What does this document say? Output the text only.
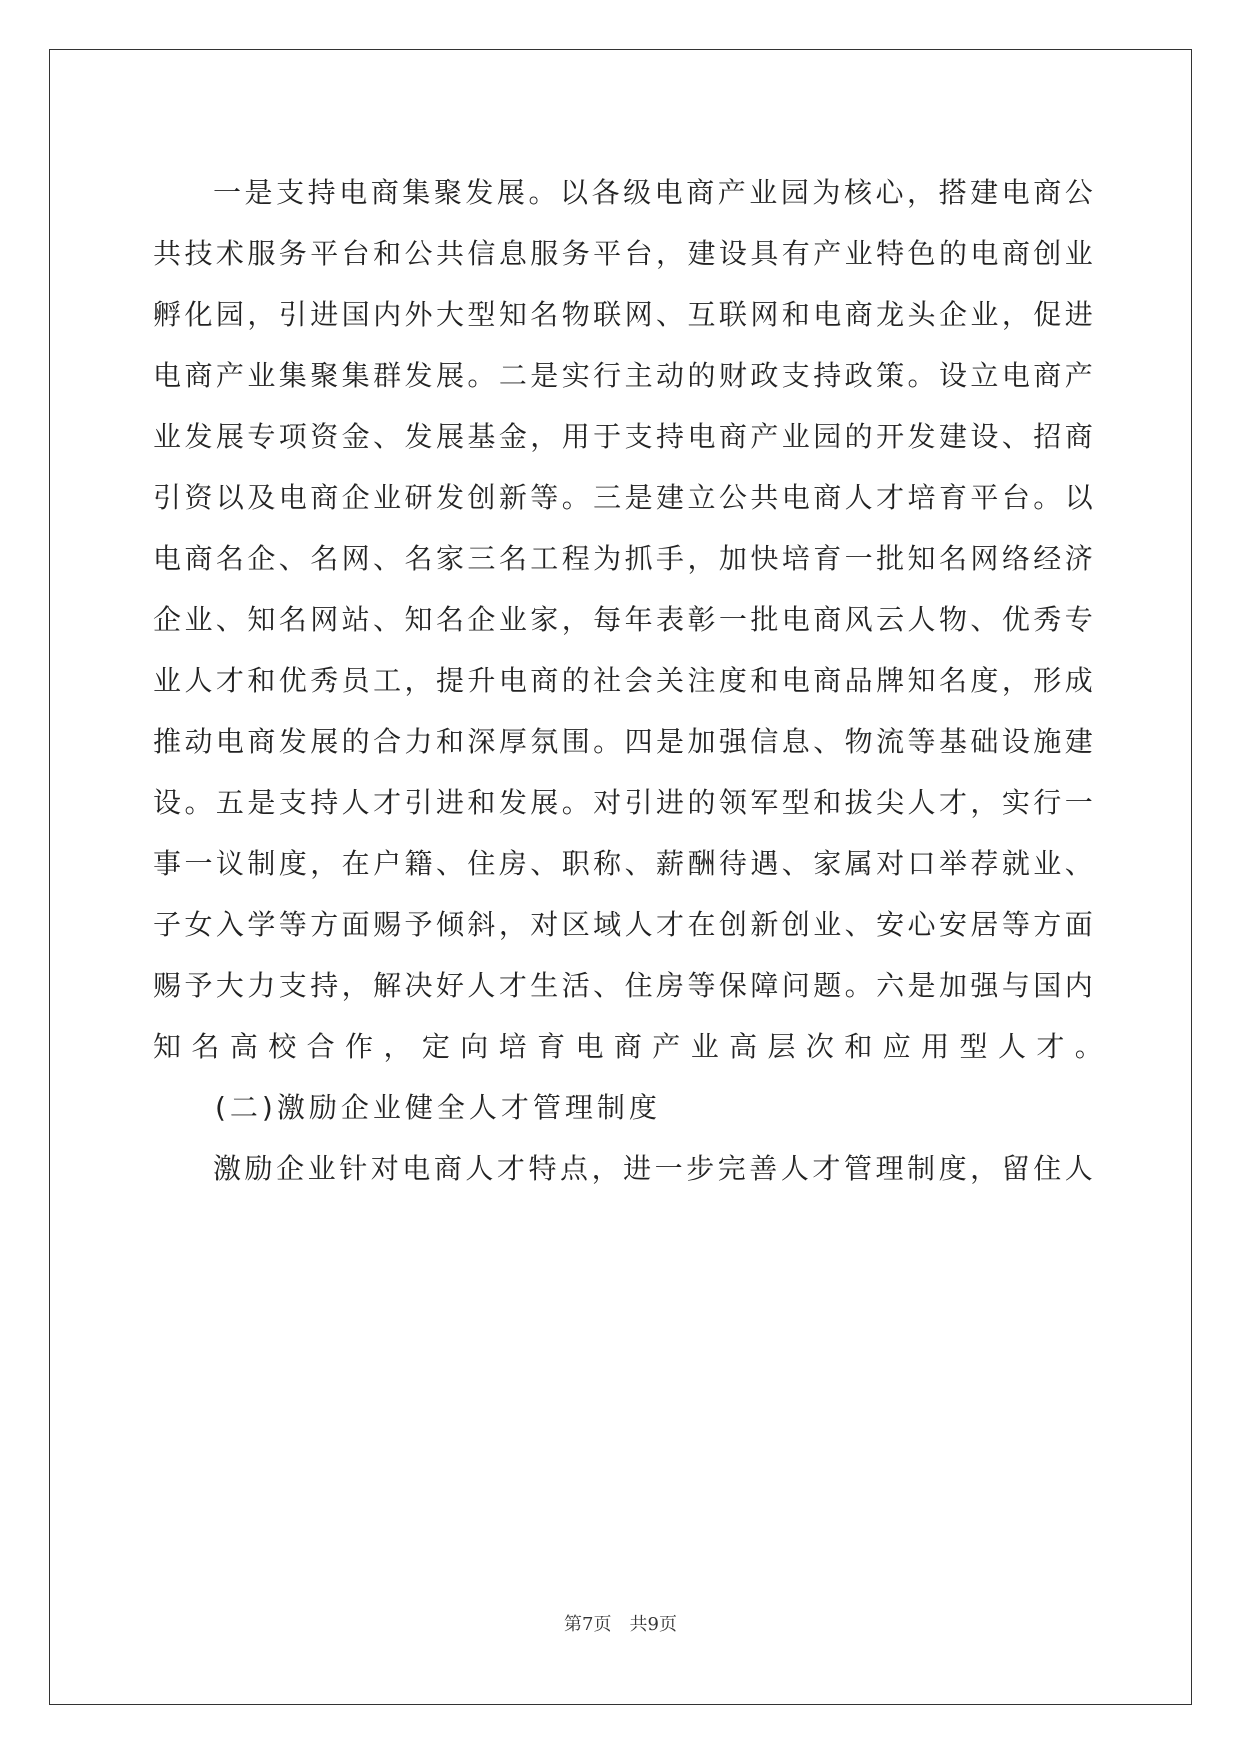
一 是 支 持 电 商 集 聚 发 展 。 以 各 级 电 商 产 业 园 为 核 心 ， 搭 建 电 商 公
共 技 术 服 务 平 台 和 公 共 信 息 服 务 平 台 ， 建 设 具 有 产 业 特 色 的 电 商 创 业
孵 化 园 ， 引 进 国 内 外 大 型 知 名 物 联 网 、 互 联 网 和 电 商 龙 头 企 业 ， 促 进
电 商 产 业 集 聚 集 群 发 展 。 二 是 实 行 主 动 的 财 政 支 持 政 策 。 设 立 电 商 产
业 发 展 专 项 资 金 、 发 展 基 金 ， 用 于 支 持 电 商 产 业 园 的 开 发 建 设 、 招 商
引 资 以 及 电 商 企 业 研 发 创 新 等 。 三 是 建 立 公 共 电 商 人 才 培 育 平 台 。 以
电 商 名 企 、 名 网 、 名 家 三 名 工 程 为 抓 手 ， 加 快 培 育 一 批 知 名 网 络 经 济
企 业 、 知 名 网 站 、 知 名 企 业 家 ， 每 年 表 彰 一 批 电 商 风 云 人 物 、 优 秀 专
业 人 才 和 优 秀 员 工 ， 提 升 电 商 的 社 会 关 注 度 和 电 商 品 牌 知 名 度 ， 形 成
推 动 电 商 发 展 的 合 力 和 深 厚 氛 围 。 四 是 加 强 信 息 、 物 流 等 基 础 设 施 建
设 。 五 是 支 持 人 才 引 进 和 发 展 。 对 引 进 的 领 军 型 和 拔 尖 人 才 ， 实 行 一
事 一 议 制 度 ， 在 户 籍 、 住 房 、 职 称 、 薪 酬 待 遇 、 家 属 对 口 举 荐 就 业 、
子 女 入 学 等 方 面 赐 予 倾 斜 ， 对 区 域 人 才 在 创 新 创 业 、 安 心 安 居 等 方 面
赐 予 大 力 支 持 ， 解 决 好 人 才 生 活 、 住 房 等 保 障 问 题 。 六 是 加 强 与 国 内
知 名 高 校 合 作 ， 定 向 培 育 电 商 产 业 高 层 次 和 应 用 型 人 才 。
(二)激励企业健全人才管理制度
激 励 企 业 针 对 电 商 人 才 特 点 ， 进 一 步 完 善 人 才 管 理 制 度 ， 留 住 人
第7页　共9页
